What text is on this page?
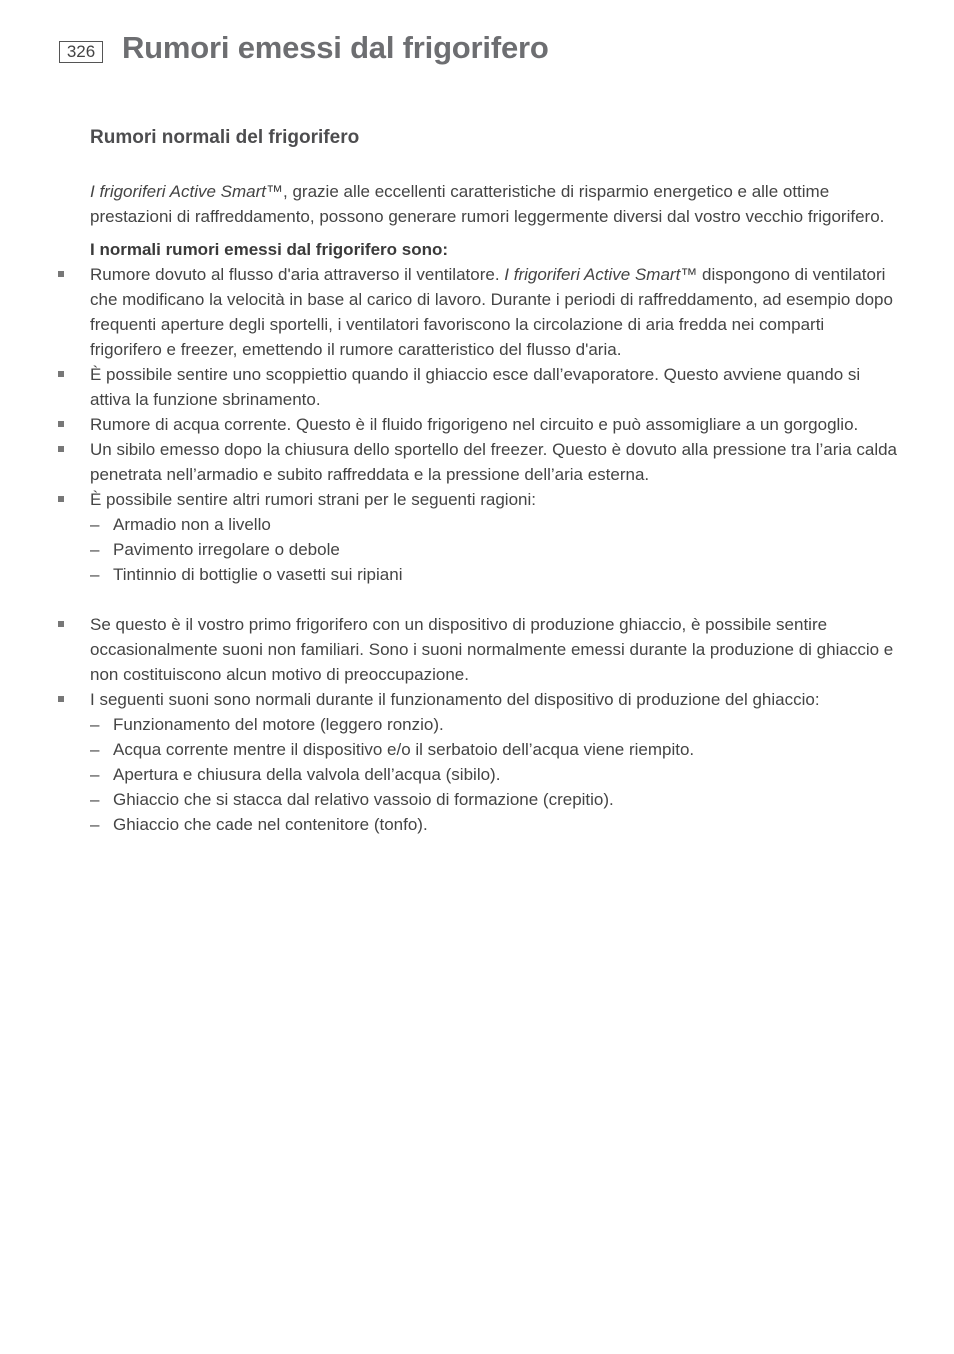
326 Rumori emessi dal frigorifero
Rumori normali del frigorifero

I frigoriferi Active Smart™, grazie alle eccellenti caratteristiche di risparmio energetico e alle ottime prestazioni di raffreddamento, possono generare rumori leggermente diversi dal vostro vecchio frigorifero.

I normali rumori emessi dal frigorifero sono:

Rumore dovuto al flusso d'aria attraverso il ventilatore. I frigoriferi Active Smart™ dispongono di ventilatori che modificano la velocità in base al carico di lavoro. Durante i periodi di raffreddamento, ad esempio dopo frequenti aperture degli sportelli, i ventilatori favoriscono la circolazione di aria fredda nei comparti frigorifero e freezer, emettendo il rumore caratteristico del flusso d'aria.
È possibile sentire uno scoppiettio quando il ghiaccio esce dall’evaporatore. Questo avviene quando si attiva la funzione sbrinamento.
Rumore di acqua corrente. Questo è il fluido frigorigeno nel circuito e può assomigliare a un gorgoglio.
Un sibilo emesso dopo la chiusura dello sportello del freezer. Questo è dovuto alla pressione tra l’aria calda penetrata nell’armadio e subito raffreddata e la pressione dell’aria esterna.
È possibile sentire altri rumori strani per le seguenti ragioni:
– Armadio non a livello
– Pavimento irregolare o debole
– Tintinnio di bottiglie o vasetti sui ripiani
Se questo è il vostro primo frigorifero con un dispositivo di produzione ghiaccio, è possibile sentire occasionalmente suoni non familiari. Sono i suoni normalmente emessi durante la produzione di ghiaccio e non costituiscono alcun motivo di preoccupazione.
I seguenti suoni sono normali durante il funzionamento del dispositivo di produzione del ghiaccio:
– Funzionamento del motore (leggero ronzio).
– Acqua corrente mentre il dispositivo e/o il serbatoio dell’acqua viene riempito.
– Apertura e chiusura della valvola dell’acqua (sibilo).
– Ghiaccio che si stacca dal relativo vassoio di formazione (crepitio).
– Ghiaccio che cade nel contenitore (tonfo).
